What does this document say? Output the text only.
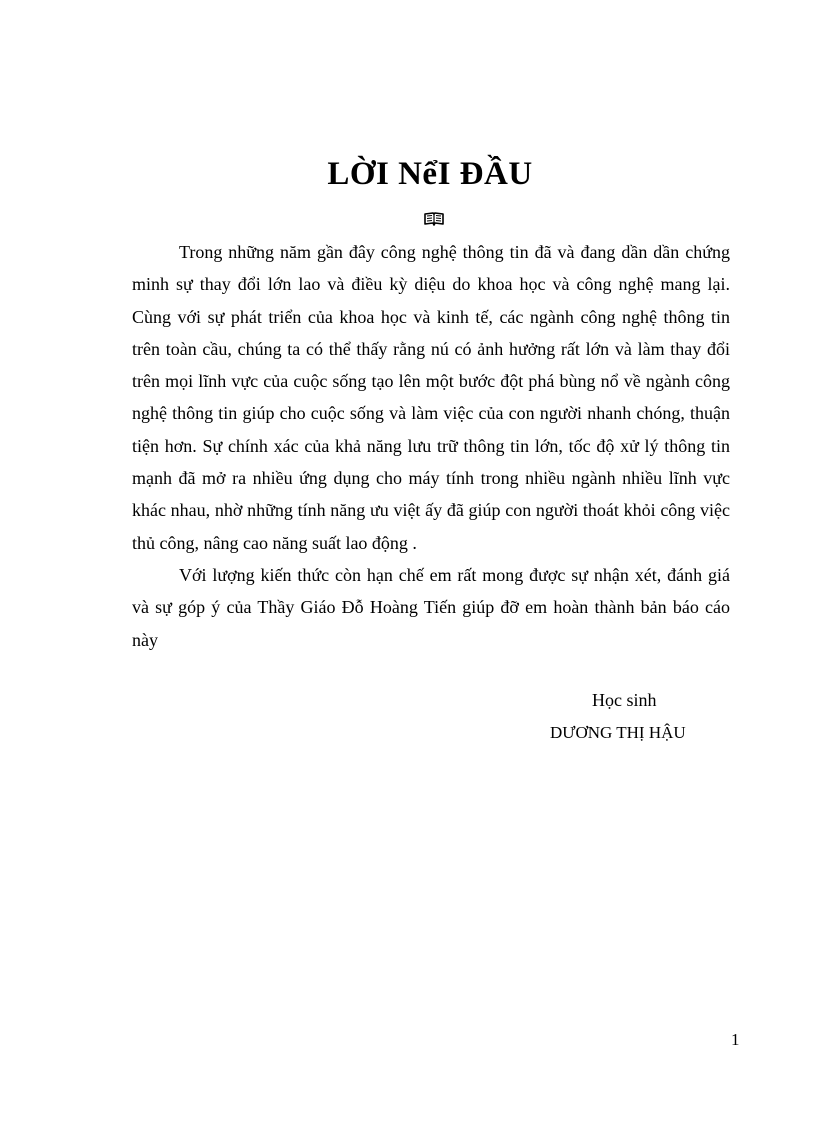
LỜI NểI ĐẦU

Trong những năm gần đây công nghệ thông tin đã và đang dần dần chứng minh sự thay đổi lớn lao và điều kỳ diệu do khoa học và công nghệ mang lại. Cùng với sự phát triển của khoa học và kinh tế, các ngành công nghệ thông tin trên toàn cầu, chúng ta có thể thấy rằng nú có ảnh hưởng rất lớn và làm thay đổi trên mọi lĩnh vực của cuộc sống tạo lên một bước đột phá bùng nổ về ngành công nghệ thông tin giúp cho cuộc sống và làm việc của con người nhanh chóng, thuận tiện hơn. Sự chính xác của khả năng lưu trữ thông tin lớn, tốc độ xử lý thông tin mạnh đã mở ra nhiều ứng dụng cho máy tính trong nhiều ngành nhiều lĩnh vực khác nhau, nhờ những tính năng ưu việt ấy đã giúp con người thoát khỏi công việc thủ công, nâng cao năng suất lao động .

Với lượng kiến thức còn hạn chế em rất mong được sự nhận xét, đánh giá và sự góp ý của Thầy Giáo Đỗ Hoàng Tiến giúp đỡ em hoàn thành bản báo cáo này

Học sinh

DƯƠNG THỊ HẬU

1
